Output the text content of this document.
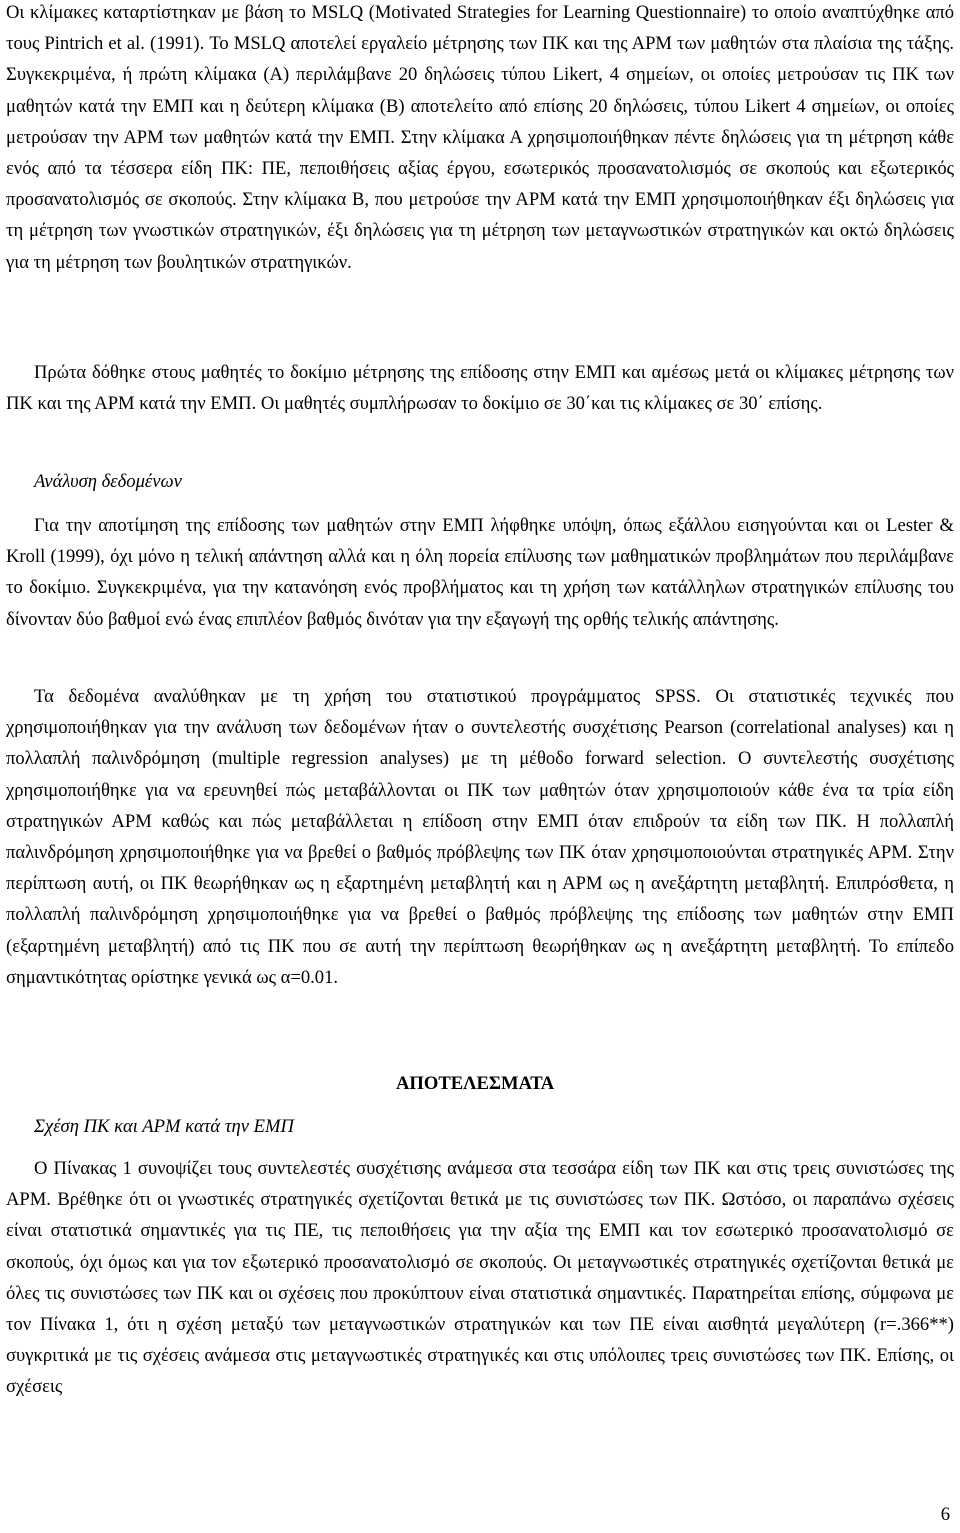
Οι κλίμακες καταρτίστηκαν με βάση το MSLQ (Motivated Strategies for Learning Questionnaire) το οποίο αναπτύχθηκε από τους Pintrich et al. (1991). Το MSLQ αποτελεί εργαλείο μέτρησης των ΠΚ και της ΑΡΜ των μαθητών στα πλαίσια της τάξης. Συγκεκριμένα, ή πρώτη κλίμακα (Α) περιλάμβανε 20 δηλώσεις τύπου Likert, 4 σημείων, οι οποίες μετρούσαν τις ΠΚ των μαθητών κατά την ΕΜΠ και η δεύτερη κλίμακα (Β) αποτελείτο από επίσης 20 δηλώσεις, τύπου Likert 4 σημείων, οι οποίες μετρούσαν την ΑΡΜ των μαθητών κατά την ΕΜΠ. Στην κλίμακα Α χρησιμοποιήθηκαν πέντε δηλώσεις για τη μέτρηση κάθε ενός από τα τέσσερα είδη ΠΚ: ΠΕ, πεποιθήσεις αξίας έργου, εσωτερικός προσανατολισμός σε σκοπούς και εξωτερικός προσανατολισμός σε σκοπούς. Στην κλίμακα Β, που μετρούσε την ΑΡΜ κατά την ΕΜΠ χρησιμοποιήθηκαν έξι δηλώσεις για τη μέτρηση των γνωστικών στρατηγικών, έξι δηλώσεις για τη μέτρηση των μεταγνωστικών στρατηγικών και οκτώ δηλώσεις για τη μέτρηση των βουλητικών στρατηγικών.

Πρώτα δόθηκε στους μαθητές το δοκίμιο μέτρησης της επίδοσης στην ΕΜΠ και αμέσως μετά οι κλίμακες μέτρησης των ΠΚ και της ΑΡΜ κατά την ΕΜΠ. Οι μαθητές συμπλήρωσαν το δοκίμιο σε 30΄και τις κλίμακες σε 30΄ επίσης.

Ανάλυση δεδομένων

Για την αποτίμηση της επίδοσης των μαθητών στην ΕΜΠ λήφθηκε υπόψη, όπως εξάλλου εισηγούνται και οι Lester & Kroll (1999), όχι μόνο η τελική απάντηση αλλά και η όλη πορεία επίλυσης των μαθηματικών προβλημάτων που περιλάμβανε το δοκίμιο. Συγκεκριμένα, για την κατανόηση ενός προβλήματος και τη χρήση των κατάλληλων στρατηγικών επίλυσης του δίνονταν δύο βαθμοί ενώ ένας επιπλέον βαθμός δινόταν για την εξαγωγή της ορθής τελικής απάντησης.

Τα δεδομένα αναλύθηκαν με τη χρήση του στατιστικού προγράμματος SPSS. Οι στατιστικές τεχνικές που χρησιμοποιήθηκαν για την ανάλυση των δεδομένων ήταν ο συντελεστής συσχέτισης Pearson (correlational analyses) και η πολλαπλή παλινδρόμηση (multiple regression analyses) με τη μέθοδο forward selection. Ο συντελεστής συσχέτισης χρησιμοποιήθηκε για να ερευνηθεί πώς μεταβάλλονται οι ΠΚ των μαθητών όταν χρησιμοποιούν κάθε ένα τα τρία είδη στρατηγικών ΑΡΜ καθώς και πώς μεταβάλλεται η επίδοση στην ΕΜΠ όταν επιδρούν τα είδη των ΠΚ. Η πολλαπλή παλινδρόμηση χρησιμοποιήθηκε για να βρεθεί ο βαθμός πρόβλεψης των ΠΚ όταν χρησιμοποιούνται στρατηγικές ΑΡΜ. Στην περίπτωση αυτή, οι ΠΚ θεωρήθηκαν ως η εξαρτημένη μεταβλητή και η ΑΡΜ ως η ανεξάρτητη μεταβλητή. Επιπρόσθετα, η πολλαπλή παλινδρόμηση χρησιμοποιήθηκε για να βρεθεί ο βαθμός πρόβλεψης της επίδοσης των μαθητών στην ΕΜΠ (εξαρτημένη μεταβλητή) από τις ΠΚ που σε αυτή την περίπτωση θεωρήθηκαν ως η ανεξάρτητη μεταβλητή. Το επίπεδο σημαντικότητας ορίστηκε γενικά ως α=0.01.

ΑΠΟΤΕΛΕΣΜΑΤΑ

Σχέση ΠΚ και ΑΡΜ κατά την ΕΜΠ

Ο Πίνακας 1 συνοψίζει τους συντελεστές συσχέτισης ανάμεσα στα τεσσάρα είδη των ΠΚ και στις τρεις συνιστώσες της ΑΡΜ. Βρέθηκε ότι οι γνωστικές στρατηγικές σχετίζονται θετικά με τις συνιστώσες των ΠΚ. Ωστόσο, οι παραπάνω σχέσεις είναι στατιστικά σημαντικές για τις ΠΕ, τις πεποιθήσεις για την αξία της ΕΜΠ και τον εσωτερικό προσανατολισμό σε σκοπούς, όχι όμως και για τον εξωτερικό προσανατολισμό σε σκοπούς. Οι μεταγνωστικές στρατηγικές σχετίζονται θετικά με όλες τις συνιστώσες των ΠΚ και οι σχέσεις που προκύπτουν είναι στατιστικά σημαντικές. Παρατηρείται επίσης, σύμφωνα με τον Πίνακα 1, ότι η σχέση μεταξύ των μεταγνωστικών στρατηγικών και των ΠΕ είναι αισθητά μεγαλύτερη (r=.366**) συγκριτικά με τις σχέσεις ανάμεσα στις μεταγνωστικές στρατηγικές και στις υπόλοιπες τρεις συνιστώσες των ΠΚ. Επίσης, οι σχέσεις

6
